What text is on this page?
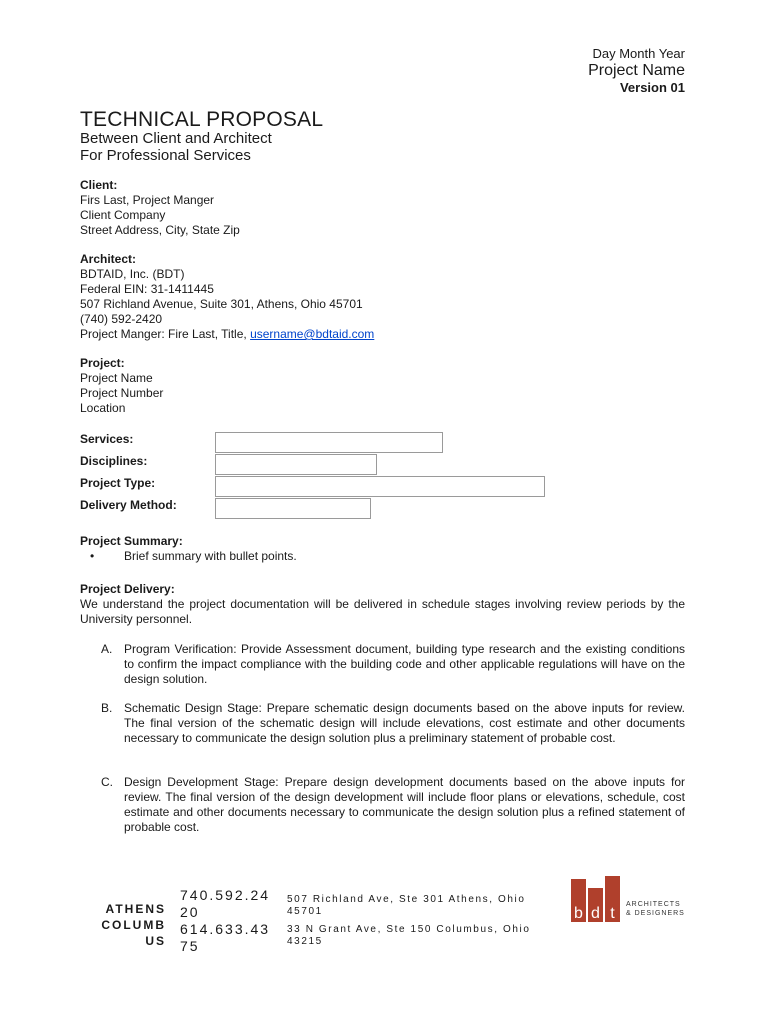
Day Month Year
Project Name
Version 01
TECHNICAL PROPOSAL
Between Client and Architect
For Professional Services
Client:
Firs Last, Project Manger
Client Company
Street Address, City, State Zip
Architect:
BDTAID, Inc. (BDT)
Federal EIN: 31-1411445
507 Richland Avenue, Suite 301, Athens, Ohio 45701
(740) 592-2420
Project Manger: Fire Last, Title, username@bdtaid.com
Project:
Project Name
Project Number
Location
Services:
Disciplines:
Project Type:
Delivery Method:
Project Summary:
• Brief summary with bullet points.
Project Delivery:
We understand the project documentation will be delivered in schedule stages involving review periods by the University personnel.
A. Program Verification: Provide Assessment document, building type research and the existing conditions to confirm the impact compliance with the building code and other applicable regulations will have on the design solution.
B. Schematic Design Stage: Prepare schematic design documents based on the above inputs for review. The final version of the schematic design will include elevations, cost estimate and other documents necessary to communicate the design solution plus a preliminary statement of probable cost.
C. Design Development Stage: Prepare design development documents based on the above inputs for review. The final version of the design development will include floor plans or elevations, schedule, cost estimate and other documents necessary to communicate the design solution plus a refined statement of probable cost.
ATHENS
COLUMB US
740.592.24 20
614.633.43 75
507 Richland Ave, Ste 301 Athens, Ohio 45701
33 N Grant Ave, Ste 150 Columbus, Ohio 43215
b d t
ARCHITECTS
& DESIGNERS
